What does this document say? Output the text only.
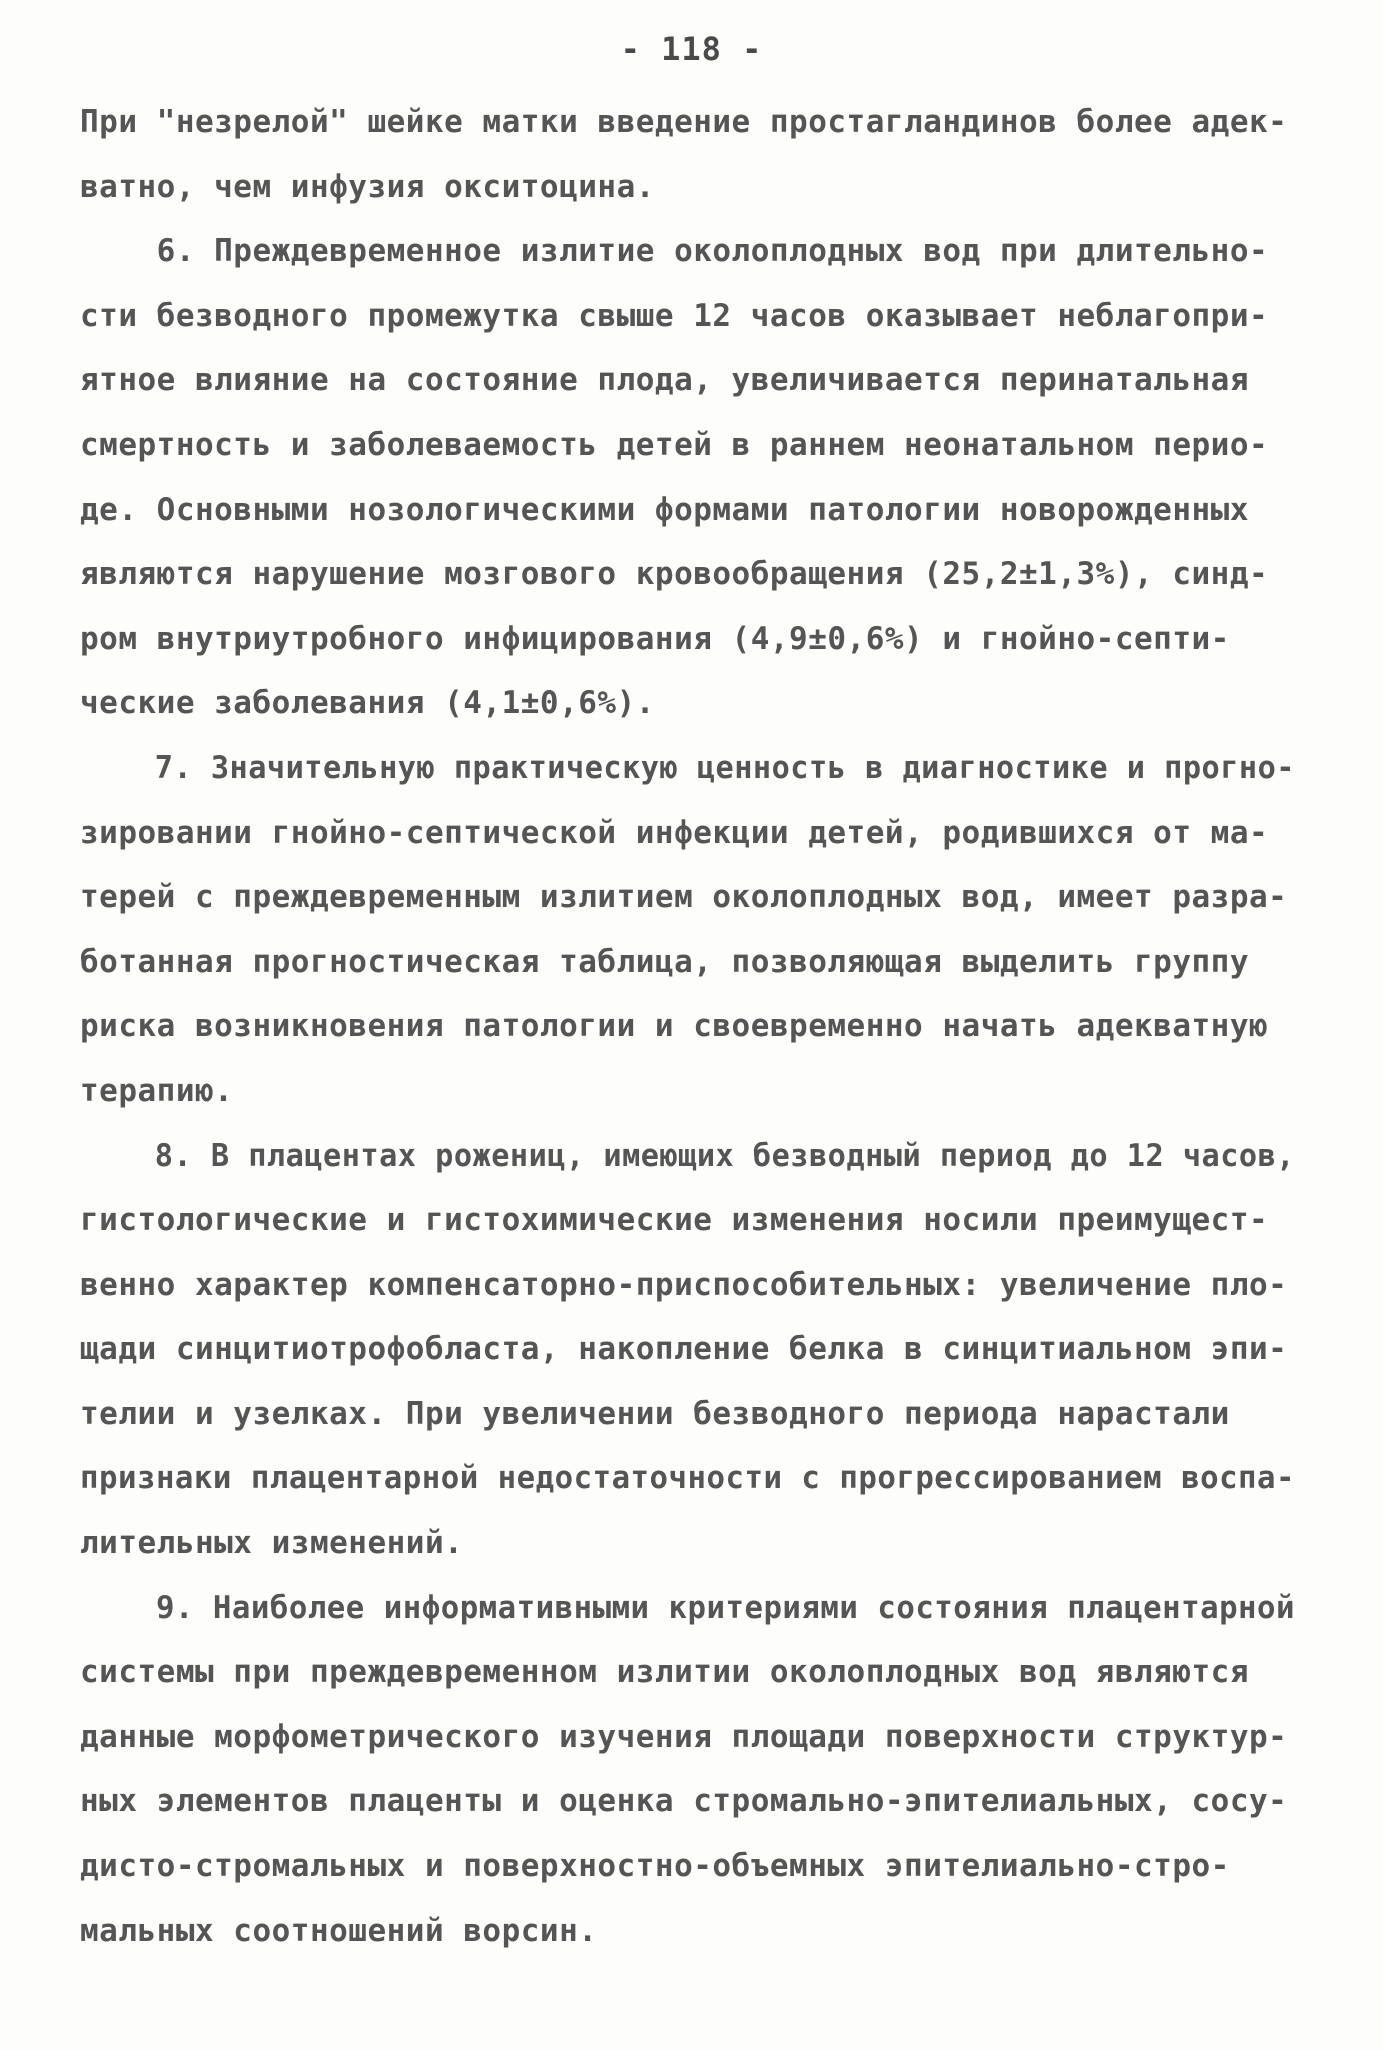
- 118 -
При "незрелой" шейке матки введение простагландинов более адек-
ватно, чем инфузия окситоцина.
6. Преждевременное излитие околоплодных вод при длительно-
сти безводного промежутка свыше 12 часов оказывает неблагопри-
ятное влияние на состояние плода, увеличивается перинатальная
смертность и заболеваемость детей в раннем неонатальном перио-
де. Основными нозологическими формами патологии новорожденных
являются нарушение мозгового кровообращения (25,2±1,3%), синд-
ром внутриутробного инфицирования (4,9±0,6%) и гнойно-септи-
ческие заболевания (4,1±0,6%).
7. Значительную практическую ценность в диагностике и прогно-
зировании гнойно-септической инфекции детей, родившихся от ма-
терей с преждевременным излитием околоплодных вод, имеет разра-
ботанная прогностическая таблица, позволяющая выделить группу
риска возникновения патологии и своевременно начать адекватную
терапию.
8. В плацентах рожениц, имеющих безводный период до 12 часов,
гистологические и гистохимические изменения носили преимущест-
венно характер компенсаторно-приспособительных: увеличение пло-
щади синцитиотрофобласта, накопление белка в синцитиальном эпи-
телии и узелках. При увеличении безводного периода нарастали
признаки плацентарной недостаточности с прогрессированием воспа-
лительных изменений.
9. Наиболее информативными критериями состояния плацентарной
системы при преждевременном излитии околоплодных вод являются
данные морфометрического изучения площади поверхности структур-
ных элементов плаценты и оценка стромально-эпителиальных, сосу-
дисто-стромальных и поверхностно-объемных эпителиально-стро-
мальных соотношений ворсин.
